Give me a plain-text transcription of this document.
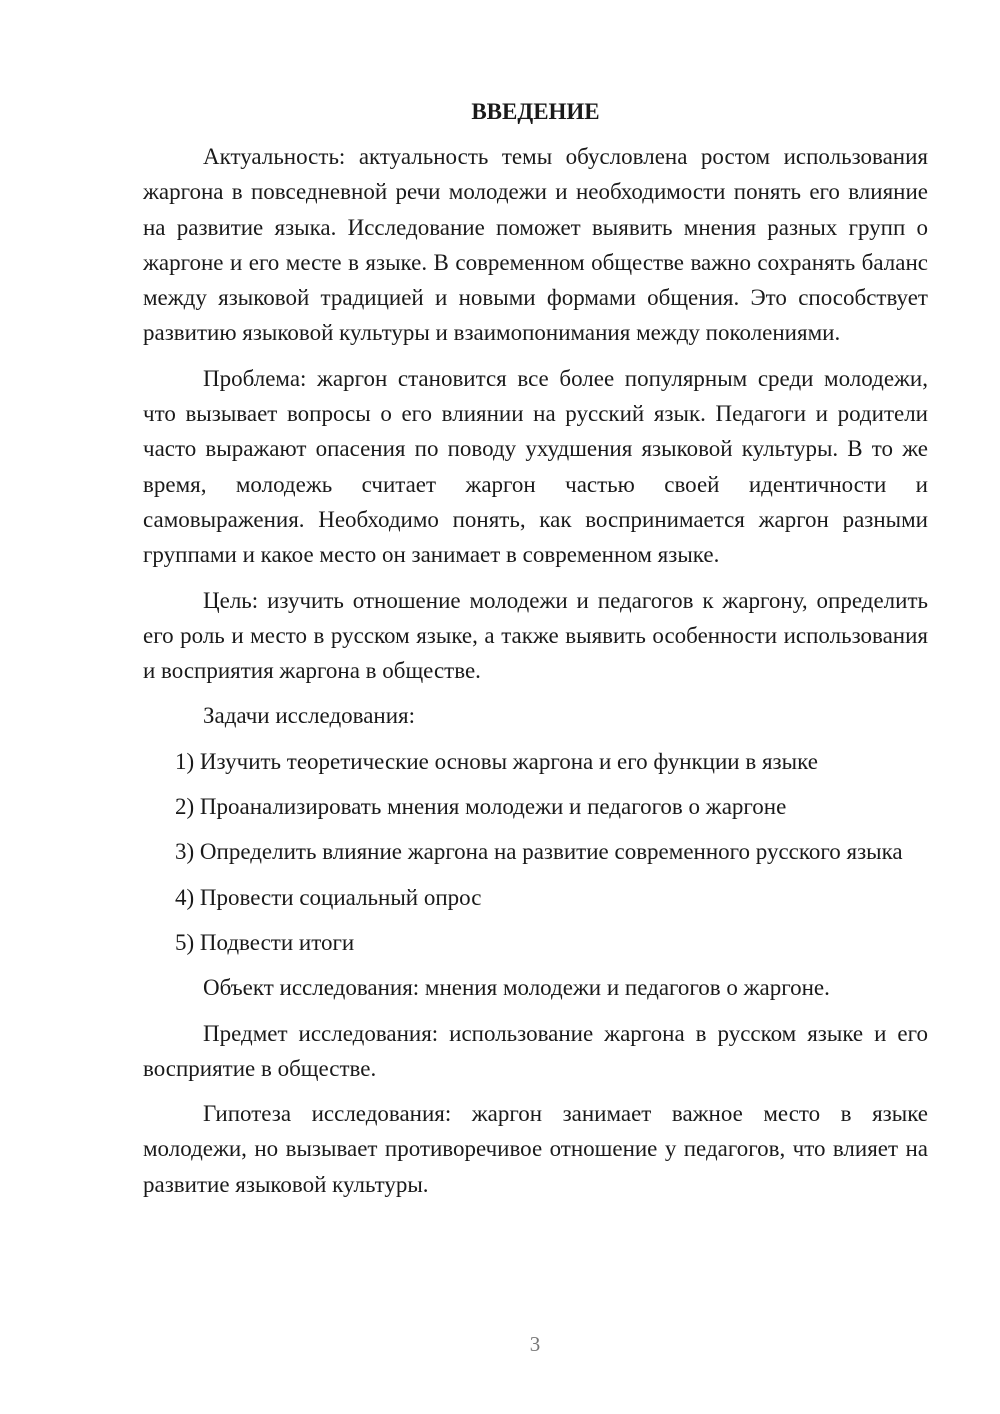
ВВЕДЕНИЕ

Актуальность: актуальность темы обусловлена ростом использования жаргона в повседневной речи молодежи и необходимости понять его влияние на развитие языка. Исследование поможет выявить мнения разных групп о жаргоне и его месте в языке. В современном обществе важно сохранять баланс между языковой традицией и новыми формами общения. Это способствует развитию языковой культуры и взаимопонимания между поколениями.

Проблема: жаргон становится все более популярным среди молодежи, что вызывает вопросы о его влиянии на русский язык. Педагоги и родители часто выражают опасения по поводу ухудшения языковой культуры. В то же время, молодежь считает жаргон частью своей идентичности и самовыражения. Необходимо понять, как воспринимается жаргон разными группами и какое место он занимает в современном языке.

Цель: изучить отношение молодежи и педагогов к жаргону, определить его роль и место в русском языке, а также выявить особенности использования и восприятия жаргона в обществе.

Задачи исследования:

1) Изучить теоретические основы жаргона и его функции в языке
2) Проанализировать мнения молодежи и педагогов о жаргоне
3) Определить влияние жаргона на развитие современного русского языка
4) Провести социальный опрос
5) Подвести итоги

Объект исследования: мнения молодежи и педагогов о жаргоне.

Предмет исследования: использование жаргона в русском языке и его восприятие в обществе.

Гипотеза исследования: жаргон занимает важное место в языке молодежи, но вызывает противоречивое отношение у педагогов, что влияет на развитие языковой культуры.

3
